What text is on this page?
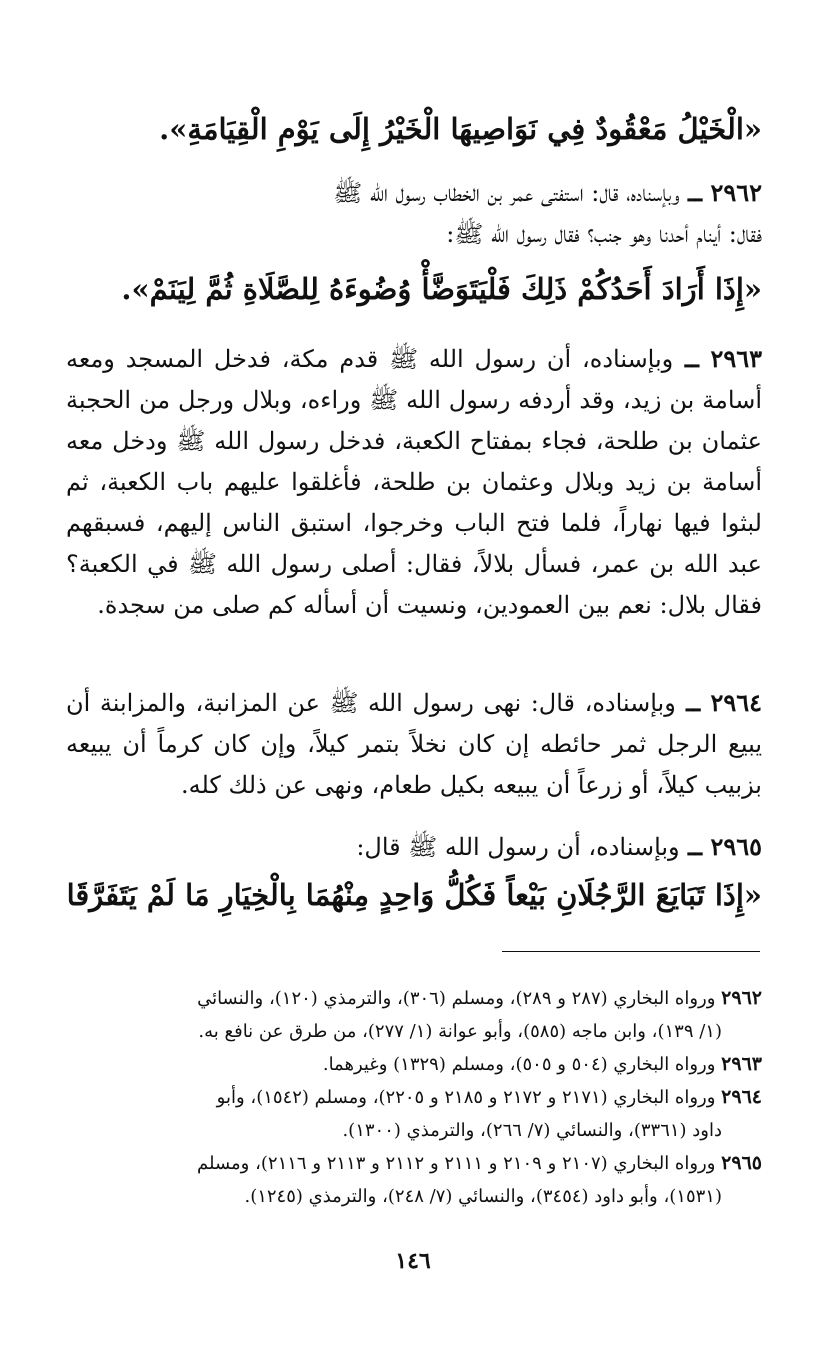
«الْخَيْلُ مَعْقُودٌ فِي نَوَاصِيهَا الْخَيْرُ إِلَى يَوْمِ الْقِيَامَةِ».

٢٩٦٢ ــ وبإسناده، قال: استفتى عمر بن الخطاب رسول الله ﷺ
فقال: أينام أحدنا وهو جنب؟ فقال رسول الله ﷺ:

«إِذَا أَرَادَ أَحَدُكُمْ ذَلِكَ فَلْيَتَوَضَّأْ وُضُوءَهُ لِلصَّلَاةِ ثُمَّ لِيَنَمْ».

٢٩٦٣ ــ وبإسناده، أن رسول الله ﷺ قدم مكة، فدخل المسجد ومعه أسامة بن زيد، وقد أردفه رسول الله ﷺ وراءه، وبلال ورجل من الحجبة عثمان بن طلحة، فجاء بمفتاح الكعبة، فدخل رسول الله ﷺ ودخل معه أسامة بن زيد وبلال وعثمان بن طلحة، فأغلقوا عليهم باب الكعبة، ثم لبثوا فيها نهاراً، فلما فتح الباب وخرجوا، استبق الناس إليهم، فسبقهم عبد الله بن عمر، فسأل بلالاً، فقال: أصلى رسول الله ﷺ في الكعبة؟ فقال بلال: نعم بين العمودين، ونسيت أن أسأله كم صلى من سجدة.

٢٩٦٤ ــ وبإسناده، قال: نهى رسول الله ﷺ عن المزانبة، والمزابنة أن يبيع الرجل ثمر حائطه إن كان نخلاً بتمر كيلاً، وإن كان كرماً أن يبيعه بزبيب كيلاً، أو زرعاً أن يبيعه بكيل طعام، ونهى عن ذلك كله.

٢٩٦٥ ــ وبإسناده، أن رسول الله ﷺ قال:

«إِذَا تَبَايَعَ الرَّجُلَانِ بَيْعاً فَكُلُّ وَاحِدٍ مِنْهُمَا بِالْخِيَارِ مَا لَمْ يَتَفَرَّقَا

٢٩٦٢ ورواه البخاري (٢٨٧ و ٢٨٩)، ومسلم (٣٠٦)، والترمذي (١٢٠)، والنسائي

(١/ ١٣٩)، وابن ماجه (٥٨٥)، وأبو عوانة (١/ ٢٧٧)، من طرق عن نافع به.

٢٩٦٣ ورواه البخاري (٥٠٤ و ٥٠٥)، ومسلم (١٣٢٩) وغيرهما.

٢٩٦٤ ورواه البخاري (٢١٧١ و ٢١٧٢ و ٢١٨٥ و ٢٢٠٥)، ومسلم (١٥٤٢)، وأبو

داود (٣٣٦١)، والنسائي (٧/ ٢٦٦)، والترمذي (١٣٠٠).

٢٩٦٥ ورواه البخاري (٢١٠٧ و ٢١٠٩ و ٢١١١ و ٢١١٢ و ٢١١٣ و ٢١١٦)، ومسلم

(١٥٣١)، وأبو داود (٣٤٥٤)، والنسائي (٧/ ٢٤٨)، والترمذي (١٢٤٥).

١٤٦
